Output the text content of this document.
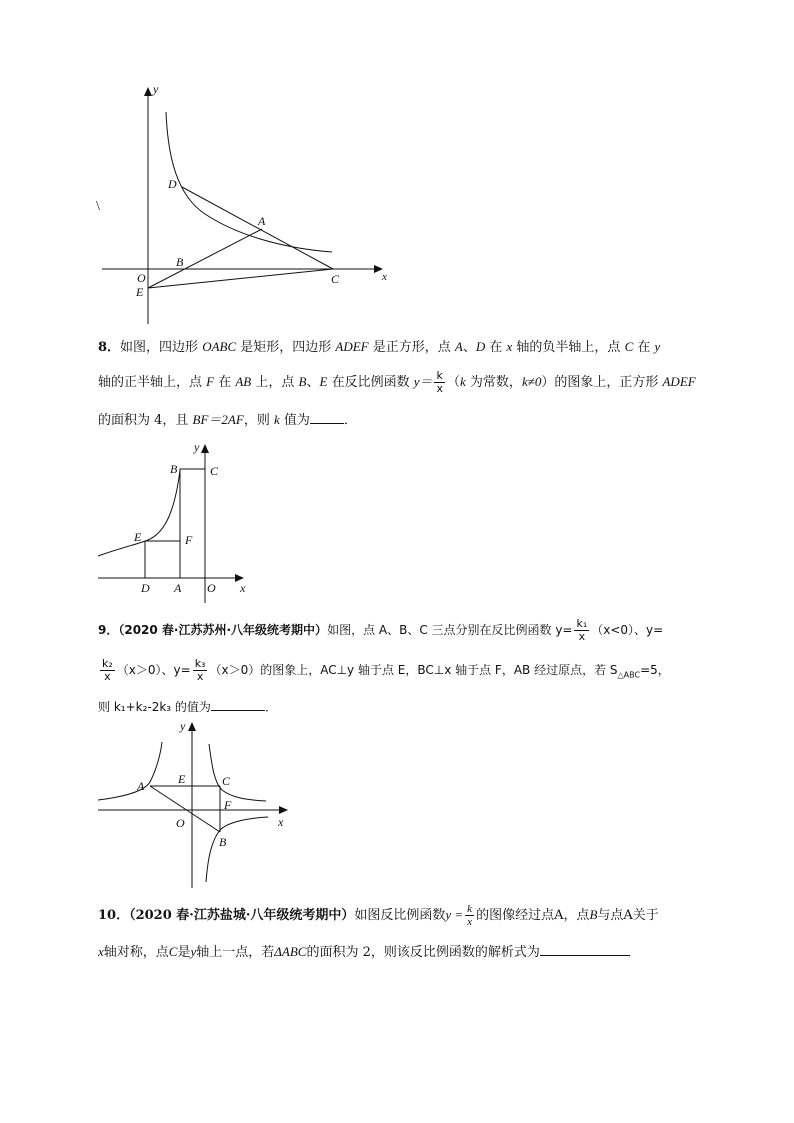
y
x
O
E
B
C
D
A
\
8．如图，四边形 OABC 是矩形，四边形 ADEF 是正方形，点 A、D 在 x 轴的负半轴上，点 C 在 y
轴的正半轴上，点 F 在 AB 上，点 B、E 在反比例函数 $y= \frac{k}{x} (k$ 为常数，k≠0）的图象上，正方形 ADEF
的面积为 4，且 BF＝2AF，则 k 值为	．
y
x
B	C
E	F
D A O
9．（2020 春·江苏苏州·八年级统考期中）如图，点 A、B、C 三点分别在反比例函数 $y= \frac{\text{k₁}}{x} (x<0)$、y=
$\frac{\text{k₂}}{x} (x>0)$、$y= \frac{\text{k₃}}{x} (x>0)$的图象上，AC⊥y 轴于点 E，BC⊥x 轴于点 F，AB 经过原点，若 $S_{\triangle ABC}=5$，
则 k₁+k₂-2k₃ 的值为	．
y
x
A	E	C
F
O
B
10．（2020 春·江苏盐城·八年级统考期中）如图反比例函数$y = \frac{k}{x}$ 的图像经过点A，点B与点A关于
x轴对称，点C是y轴上一点，若ΔABC的面积为 2，则该反比例函数的解析式为
